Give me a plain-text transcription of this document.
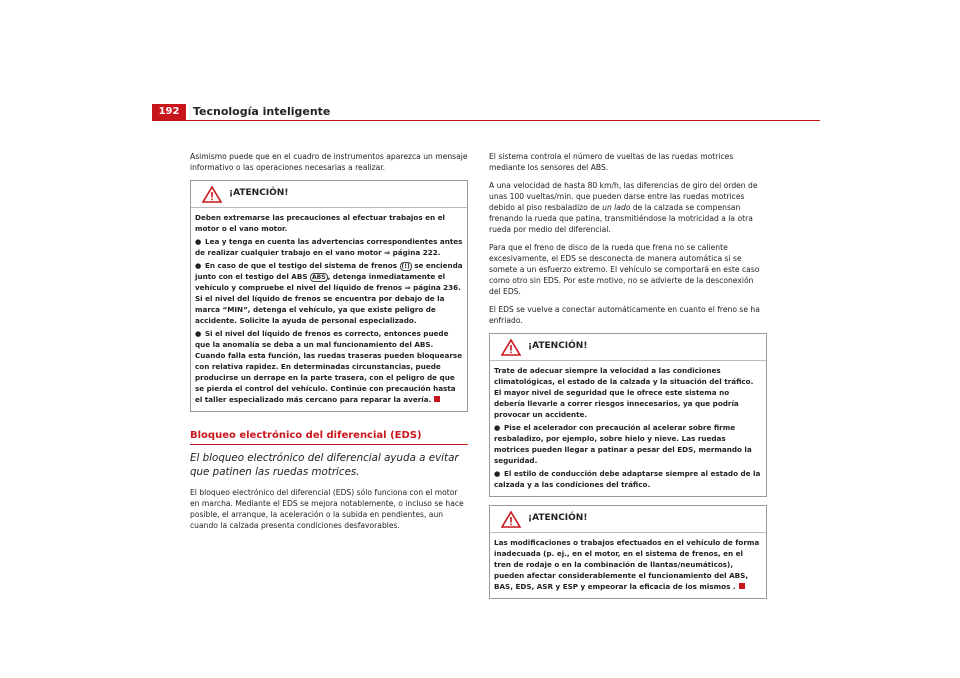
192	Tecnología inteligente

Asimismo puede que en el cuadro de instrumentos aparezca un mensaje informativo o las operaciones necesarias a realizar.

¡ATENCIÓN!

Deben extremarse las precauciones al efectuar trabajos en el motor o el vano motor.

● Lea y tenga en cuenta las advertencias correspondientes antes de realizar cualquier trabajo en el vano motor ⇒ página 222.

● En caso de que el testigo del sistema de frenos (!) se encienda junto con el testigo del ABS ABS , detenga inmediatamente el vehículo y compruebe el nivel del líquido de frenos ⇒ página 236. Si el nivel del líquido de frenos se encuentra por debajo de la marca “MIN”, detenga el vehículo, ya que existe peligro de accidente. Solicite la ayuda de personal especializado.

● Si el nivel del líquido de frenos es correcto, entonces puede que la anomalía se deba a un mal funcionamiento del ABS. Cuando falla esta función, las ruedas traseras pueden bloquearse con relativa rapidez. En determinadas circunstancias, puede producirse un derrape en la parte trasera, con el peligro de que se pierda el control del vehículo. Continúe con precaución hasta el taller especializado más cercano para reparar la avería.

Bloqueo electrónico del diferencial (EDS)
El bloqueo electrónico del diferencial ayuda a evitar que patinen las ruedas motrices.

El bloqueo electrónico del diferencial (EDS) sólo funciona con el motor en marcha. Mediante el EDS se mejora notablemente, o incluso se hace posible, el arranque, la aceleración o la subida en pendientes, aun cuando la calzada presenta condiciones desfavorables.

El sistema controla el número de vueltas de las ruedas motrices mediante los sensores del ABS.

A una velocidad de hasta 80 km/h, las diferencias de giro del orden de unas 100 vueltas/min. que pueden darse entre las ruedas motrices debido al piso resbaladizo de un lado de la calzada se compensan frenando la rueda que patina, transmitiéndose la motricidad a la otra rueda por medio del diferencial.

Para que el freno de disco de la rueda que frena no se caliente excesivamente, el EDS se desconecta de manera automática si se somete a un esfuerzo extremo. El vehículo se comportará en este caso como otro sin EDS. Por este motivo, no se advierte de la desconexión del EDS.

El EDS se vuelve a conectar automáticamente en cuanto el freno se ha enfriado.

¡ATENCIÓN!

Trate de adecuar siempre la velocidad a las condiciones climatológicas, el estado de la calzada y la situación del tráfico. El mayor nivel de seguridad que le ofrece este sistema no debería llevarle a correr riesgos innecesarios, ya que podría provocar un accidente.

● Pise el acelerador con precaución al acelerar sobre firme resbaladizo, por ejemplo, sobre hielo y nieve. Las ruedas motrices pueden llegar a patinar a pesar del EDS, mermando la seguridad.

● El estilo de conducción debe adaptarse siempre al estado de la calzada y a las condiciones del tráfico.

¡ATENCIÓN!

Las modificaciones o trabajos efectuados en el vehículo de forma inadecuada (p. ej., en el motor, en el sistema de frenos, en el tren de rodaje o en la combinación de llantas/neumáticos), pueden afectar considerablemente el funcionamiento del ABS, BAS, EDS, ASR y ESP y empeorar la eficacia de los mismos .
